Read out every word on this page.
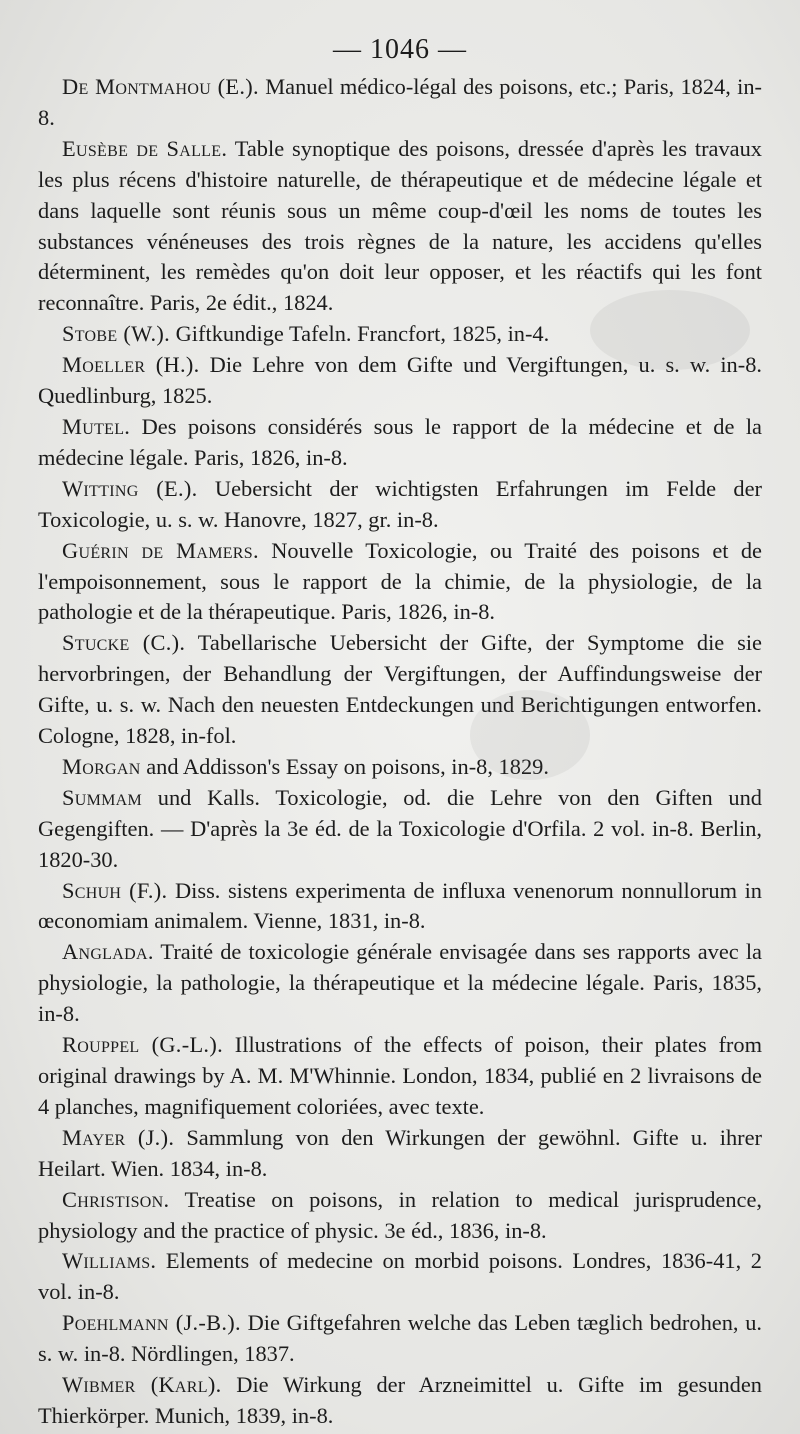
— 1046 —

De Montmahou (E.). Manuel médico-légal des poisons, etc.; Paris, 1824, in-8.

Eusèbe de Salle. Table synoptique des poisons, dressée d'après les travaux les plus récens d'histoire naturelle, de thérapeutique et de médecine légale et dans laquelle sont réunis sous un même coup-d'œil les noms de toutes les substances vénéneuses des trois règnes de la nature, les accidens qu'elles déterminent, les remèdes qu'on doit leur opposer, et les réactifs qui les font reconnaître. Paris, 2e édit., 1824.

Stobe (W.). Giftkundige Tafeln. Francfort, 1825, in-4.

Moeller (H.). Die Lehre von dem Gifte und Vergiftungen, u. s. w. in-8. Quedlinburg, 1825.

Mutel. Des poisons considérés sous le rapport de la médecine et de la médecine légale. Paris, 1826, in-8.

Witting (E.). Uebersicht der wichtigsten Erfahrungen im Felde der Toxicologie, u. s. w. Hanovre, 1827, gr. in-8.

Guérin de Mamers. Nouvelle Toxicologie, ou Traité des poisons et de l'empoisonnement, sous le rapport de la chimie, de la physiologie, de la pathologie et de la thérapeutique. Paris, 1826, in-8.

Stucke (C.). Tabellarische Uebersicht der Gifte, der Symptome die sie hervorbringen, der Behandlung der Vergiftungen, der Auffindungsweise der Gifte, u. s. w. Nach den neuesten Entdeckungen und Berichtigungen entworfen. Cologne, 1828, in-fol.

Morgan and Addisson's Essay on poisons, in-8, 1829.

Summam und Kalls. Toxicologie, od. die Lehre von den Giften und Gegengiften. — D'après la 3e éd. de la Toxicologie d'Orfila. 2 vol. in-8. Berlin, 1820-30.

Schuh (F.). Diss. sistens experimenta de influxa venenorum nonnullorum in œconomiam animalem. Vienne, 1831, in-8.

Anglada. Traité de toxicologie générale envisagée dans ses rapports avec la physiologie, la pathologie, la thérapeutique et la médecine légale. Paris, 1835, in-8.

Rouppel (G.-L.). Illustrations of the effects of poison, their plates from original drawings by A. M. M'Whinnie. London, 1834, publié en 2 livraisons de 4 planches, magnifiquement coloriées, avec texte.

Mayer (J.). Sammlung von den Wirkungen der gewöhnl. Gifte u. ihrer Heilart. Wien. 1834, in-8.

Christison. Treatise on poisons, in relation to medical jurisprudence, physiology and the practice of physic. 3e éd., 1836, in-8.

Williams. Elements of medecine on morbid poisons. Londres, 1836-41, 2 vol. in-8.

Poehlmann (J.-B.). Die Giftgefahren welche das Leben tæglich bedrohen, u. s. w. in-8. Nördlingen, 1837.

Wibmer (Karl). Die Wirkung der Arzneimittel u. Gifte im gesunden Thierkörper. Munich, 1839, in-8.
